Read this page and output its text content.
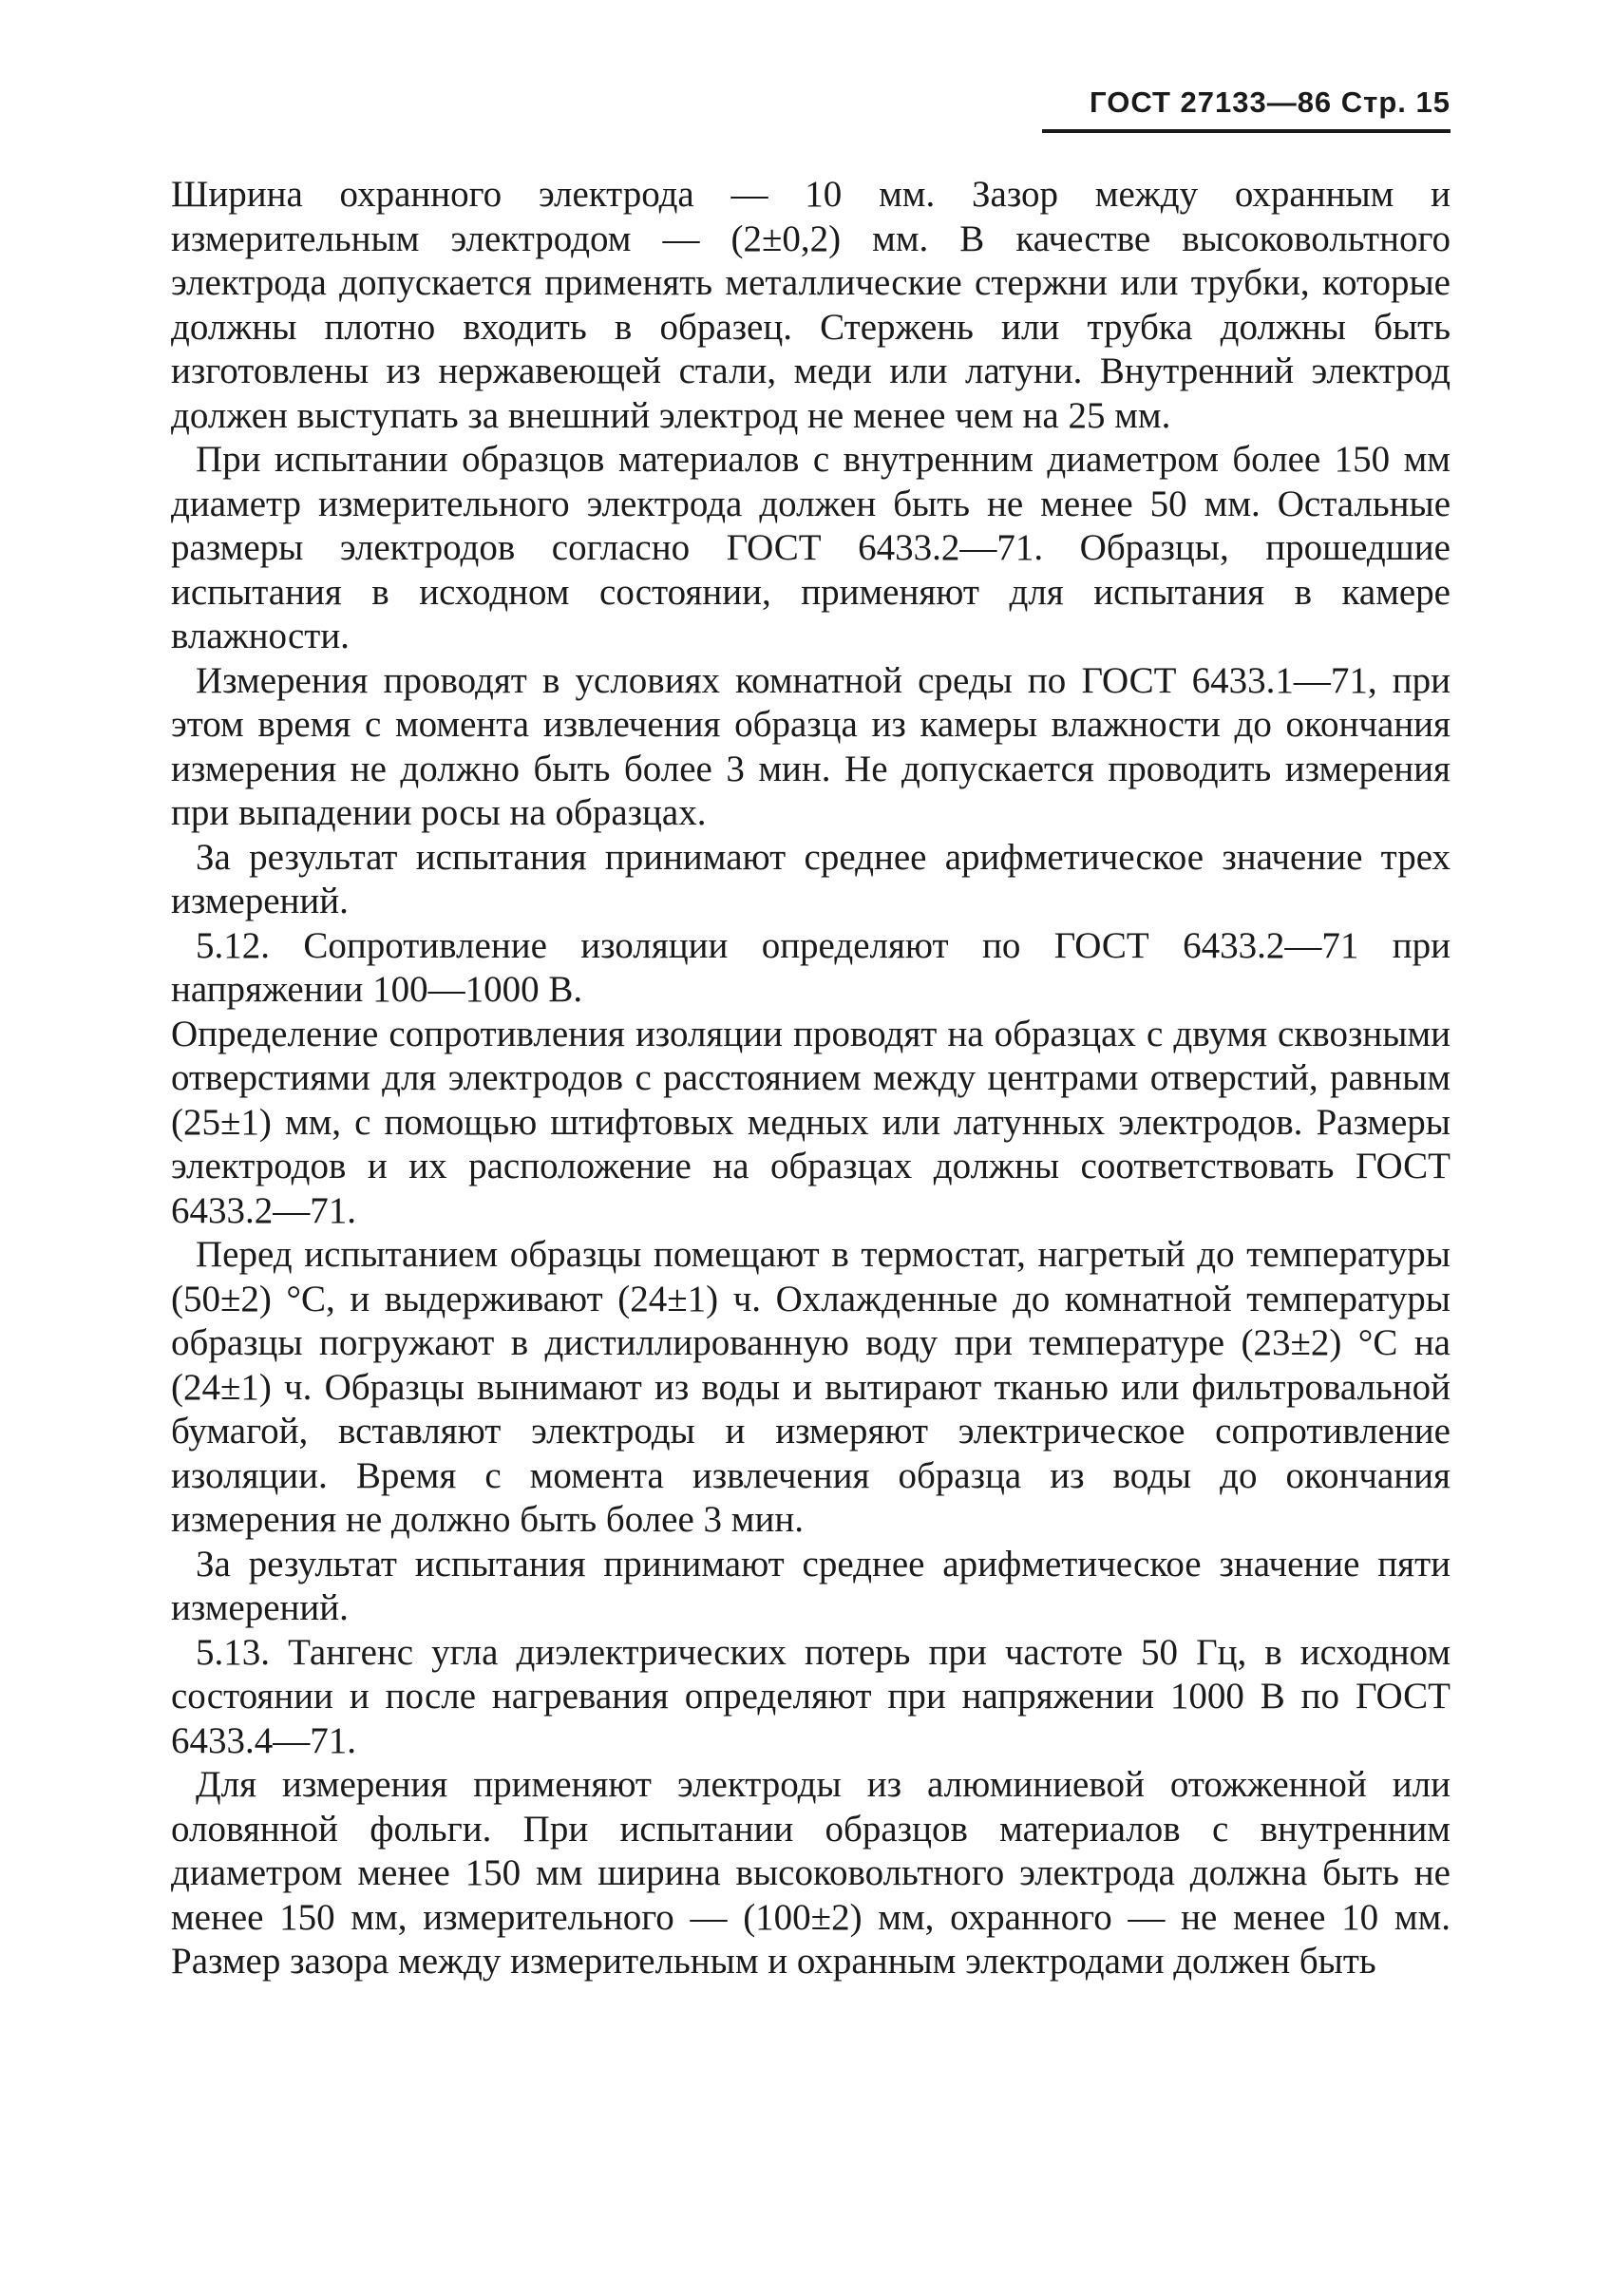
ГОСТ 27133—86 Стр. 15

Ширина охранного электрода — 10 мм. Зазор между охранным и измерительным электродом — (2±0,2) мм. В качестве высоковольтного электрода допускается применять металлические стержни или трубки, которые должны плотно входить в образец. Стержень или трубка должны быть изготовлены из нержавеющей стали, меди или латуни. Внутренний электрод должен выступать за внешний электрод не менее чем на 25 мм.

При испытании образцов материалов с внутренним диаметром более 150 мм диаметр измерительного электрода должен быть не менее 50 мм. Остальные размеры электродов согласно ГОСТ 6433.2—71. Образцы, прошедшие испытания в исходном состоянии, применяют для испытания в камере влажности.

Измерения проводят в условиях комнатной среды по ГОСТ 6433.1—71, при этом время с момента извлечения образца из камеры влажности до окончания измерения не должно быть более 3 мин. Не допускается проводить измерения при выпадении росы на образцах.

За результат испытания принимают среднее арифметическое значение трех измерений.

5.12. Сопротивление изоляции определяют по ГОСТ 6433.2—71 при напряжении 100—1000 В.

Определение сопротивления изоляции проводят на образцах с двумя сквозными отверстиями для электродов с расстоянием между центрами отверстий, равным (25±1) мм, с помощью штифтовых медных или латунных электродов. Размеры электродов и их расположение на образцах должны соответствовать ГОСТ 6433.2—71.

Перед испытанием образцы помещают в термостат, нагретый до температуры (50±2) °С, и выдерживают (24±1) ч. Охлажденные до комнатной температуры образцы погружают в дистиллированную воду при температуре (23±2) °С на (24±1) ч. Образцы вынимают из воды и вытирают тканью или фильтровальной бумагой, вставляют электроды и измеряют электрическое сопротивление изоляции. Время с момента извлечения образца из воды до окончания измерения не должно быть более 3 мин.

За результат испытания принимают среднее арифметическое значение пяти измерений.

5.13. Тангенс угла диэлектрических потерь при частоте 50 Гц, в исходном состоянии и после нагревания определяют при напряжении 1000 В по ГОСТ 6433.4—71.

Для измерения применяют электроды из алюминиевой отожженной или оловянной фольги. При испытании образцов материалов с внутренним диаметром менее 150 мм ширина высоковольтного электрода должна быть не менее 150 мм, измерительного — (100±2) мм, охранного — не менее 10 мм. Размер зазора между измерительным и охранным электродами должен быть
